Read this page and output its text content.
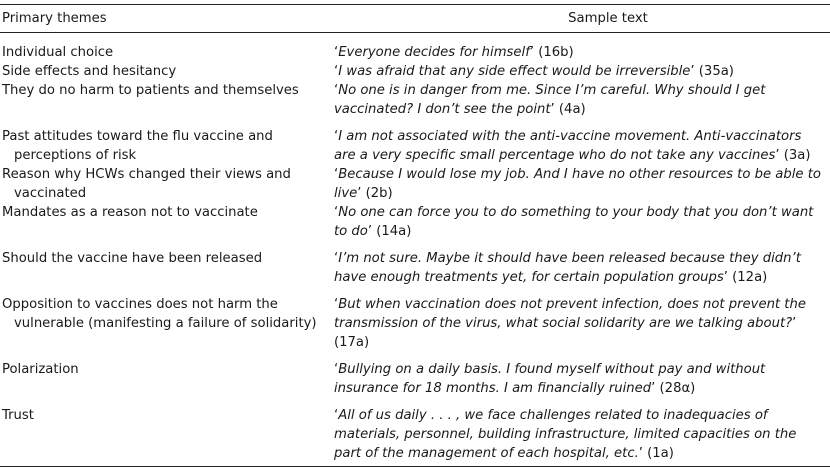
Primary themes	Sample text
Individual choice	‘Everyone decides for himself’ (16b)
Side effects and hesitancy	‘I was afraid that any side effect would be irreversible’ (35a)
They do no harm to patients and themselves	‘No one is in danger from me. Since I’m careful. Why should I get vaccinated? I don’t see the point’ (4a)
Past attitudes toward the flu vaccine and perceptions of risk	‘I am not associated with the anti-vaccine movement. Anti-vaccinators are a very specific small percentage who do not take any vaccines’ (3a)
Reason why HCWs changed their views and vaccinated	‘Because I would lose my job. And I have no other resources to be able to live’ (2b)
Mandates as a reason not to vaccinate	‘No one can force you to do something to your body that you don’t want to do’ (14a)
Should the vaccine have been released	‘I’m not sure. Maybe it should have been released because they didn’t have enough treatments yet, for certain population groups’ (12a)
Opposition to vaccines does not harm the vulnerable (manifesting a failure of solidarity)	‘But when vaccination does not prevent infection, does not prevent the transmission of the virus, what social solidarity are we talking about?’ (17a)
Polarization	‘Bullying on a daily basis. I found myself without pay and without insurance for 18 months. I am financially ruined’ (28α)
Trust	‘All of us daily . . . , we face challenges related to inadequacies of materials, personnel, building infrastructure, limited capacities on the part of the management of each hospital, etc.’ (1a)
